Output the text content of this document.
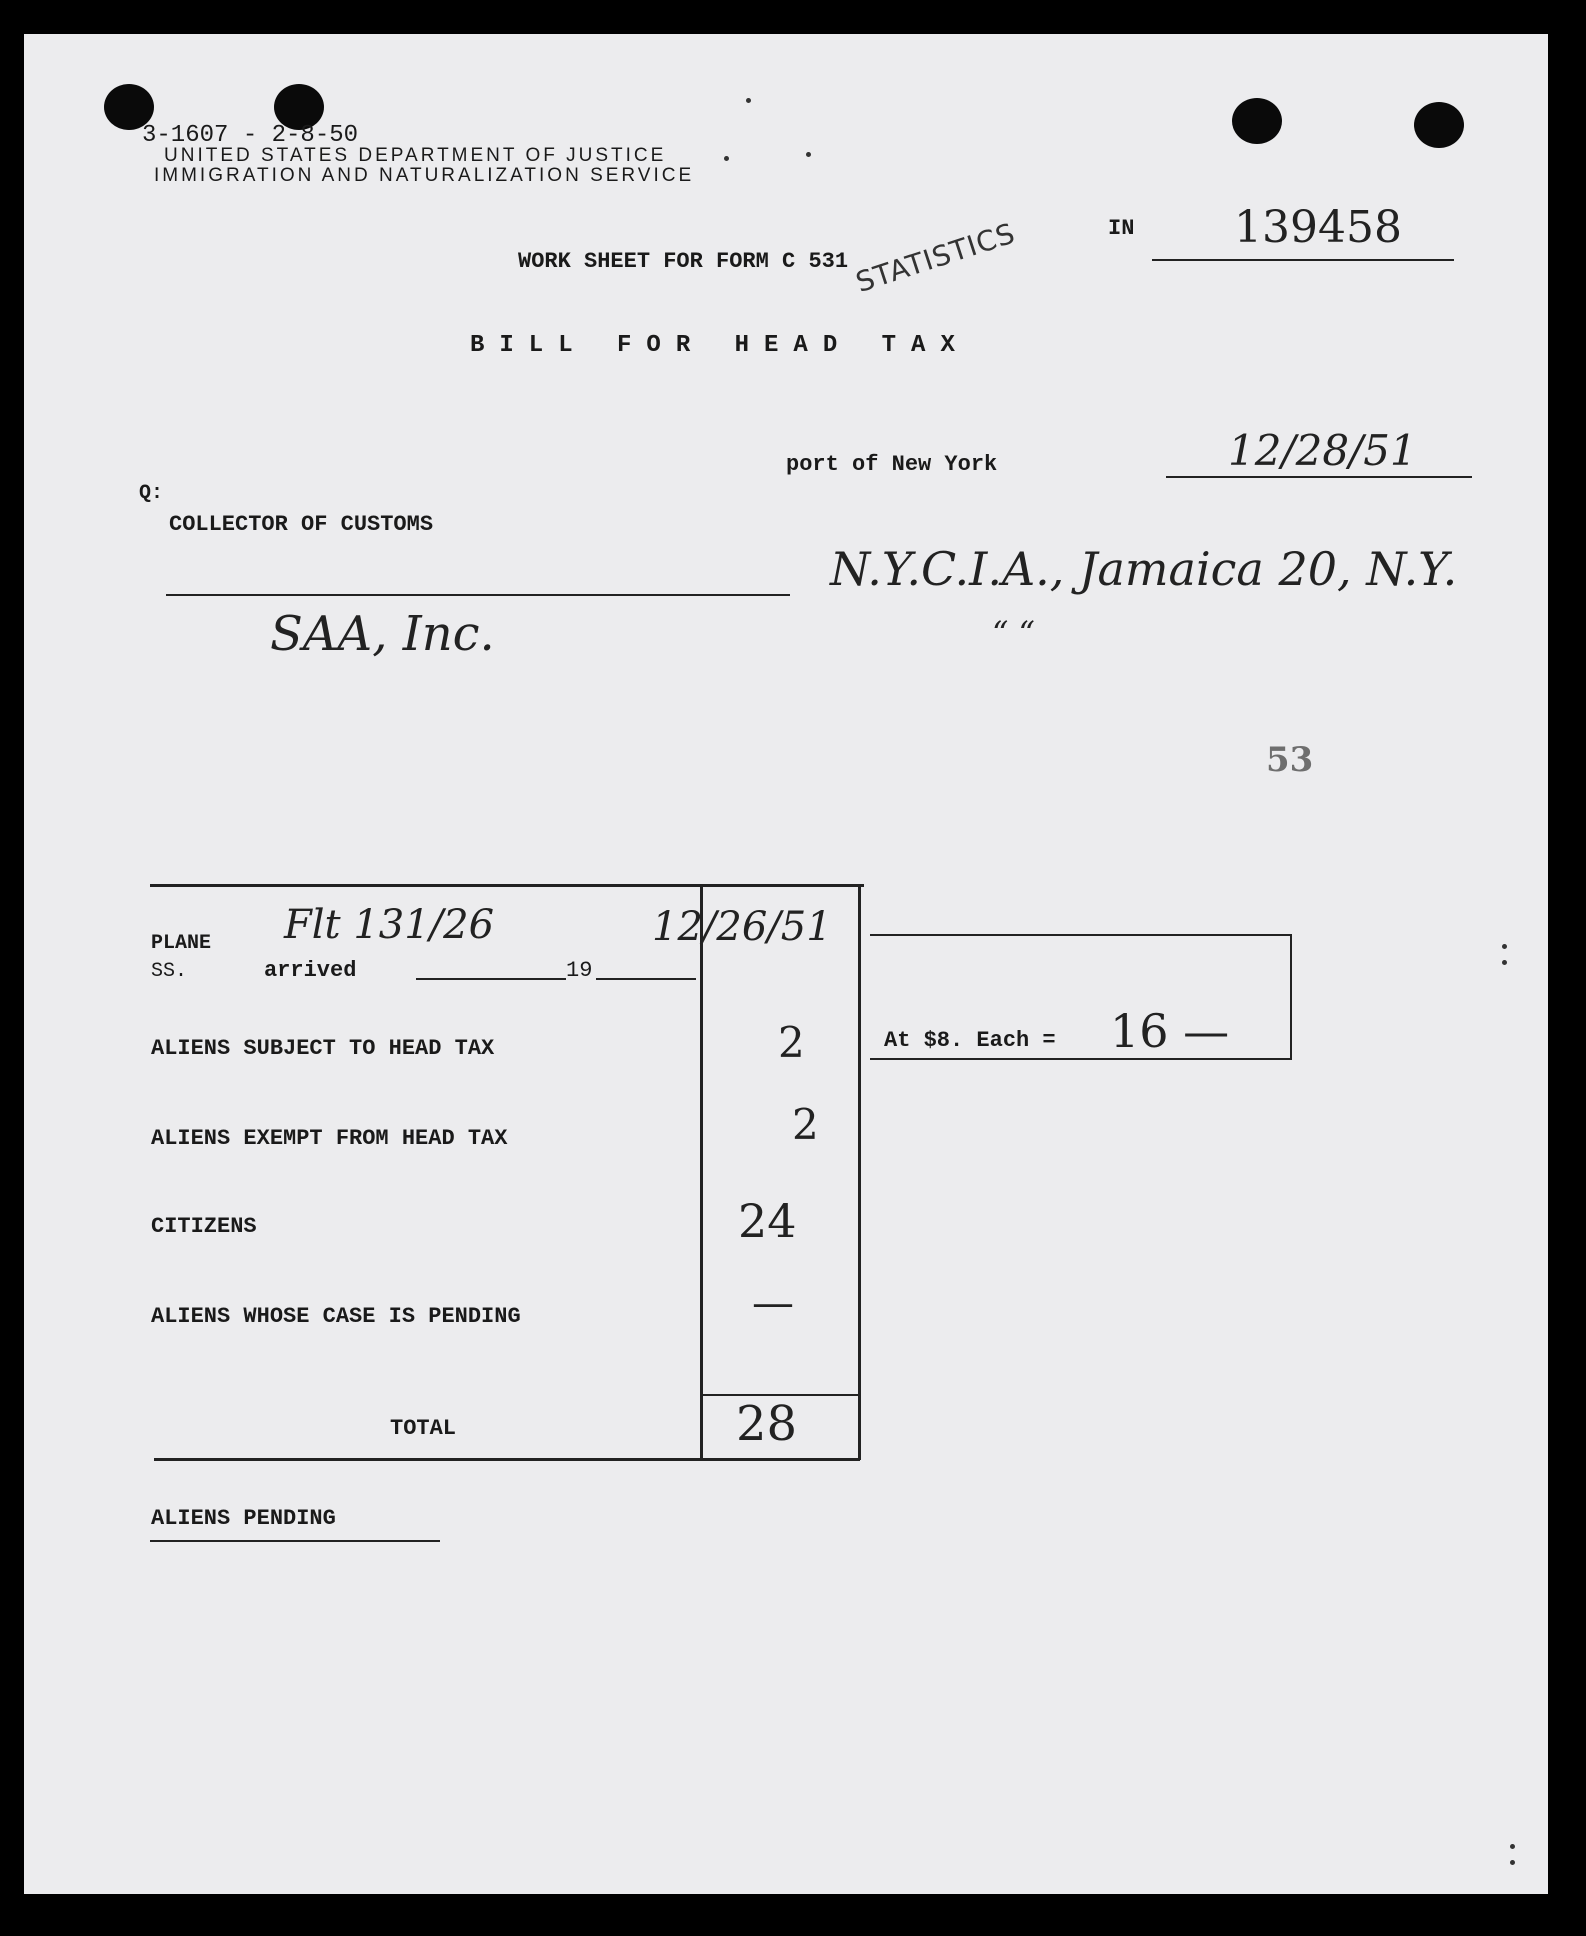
3-1607 - 2-8-50
UNITED STATES DEPARTMENT OF JUSTICE
IMMIGRATION AND NATURALIZATION SERVICE
WORK SHEET FOR FORM C 531 STATISTICS	IN 139458
BILL FOR HEAD TAX
port of New York	12/28/51
Q:
COLLECTOR OF CUSTOMS
N.Y.C.I.A., Jamaica 20, N.Y.
“ “
SAA, Inc.
53
PLANE Flt 131/26	12/26/51
SS.	arrived	19
ALIENS SUBJECT TO HEAD TAX	2
ALIENS EXEMPT FROM HEAD TAX	2
CITIZENS	24
ALIENS WHOSE CASE IS PENDING	—
TOTAL	28
At $8. Each = 16 —
ALIENS PENDING
